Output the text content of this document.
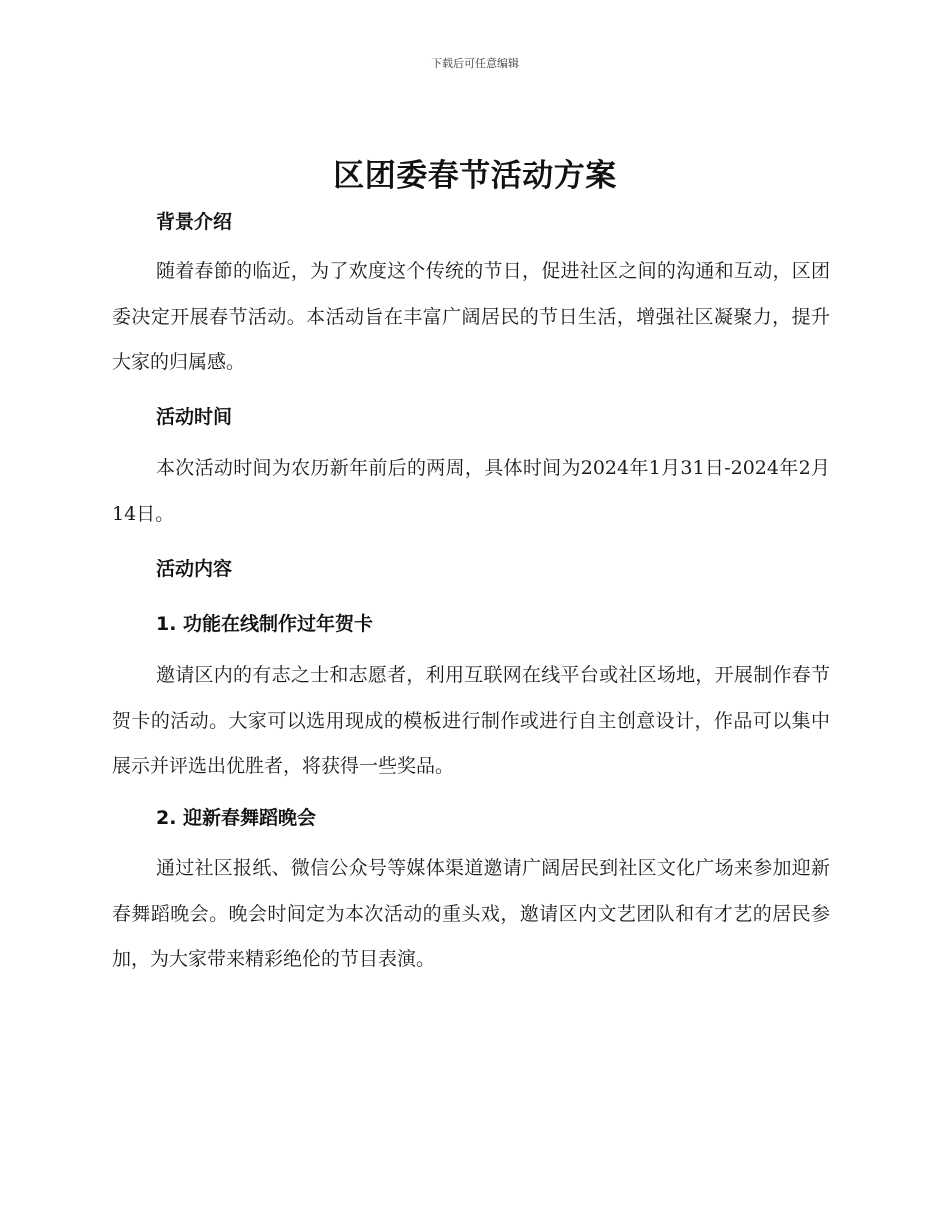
下载后可任意编辑
区团委春节活动方案
背景介绍
随着春節的临近，为了欢度这个传统的节日，促进社区之间的沟通和互动，区团委决定开展春节活动。本活动旨在丰富广阔居民的节日生活，增强社区凝聚力，提升大家的归属感。
活动时间
本次活动时间为农历新年前后的两周，具体时间为2024年1月31日-2024年2月14日。
活动内容
1. 功能在线制作过年贺卡
邀请区内的有志之士和志愿者，利用互联网在线平台或社区场地，开展制作春节贺卡的活动。大家可以选用现成的模板进行制作或进行自主创意设计，作品可以集中展示并评选出优胜者，将获得一些奖品。
2. 迎新春舞蹈晚会
通过社区报纸、微信公众号等媒体渠道邀请广阔居民到社区文化广场来参加迎新春舞蹈晚会。晚会时间定为本次活动的重头戏，邀请区内文艺团队和有才艺的居民参加，为大家带来精彩绝伦的节目表演。
